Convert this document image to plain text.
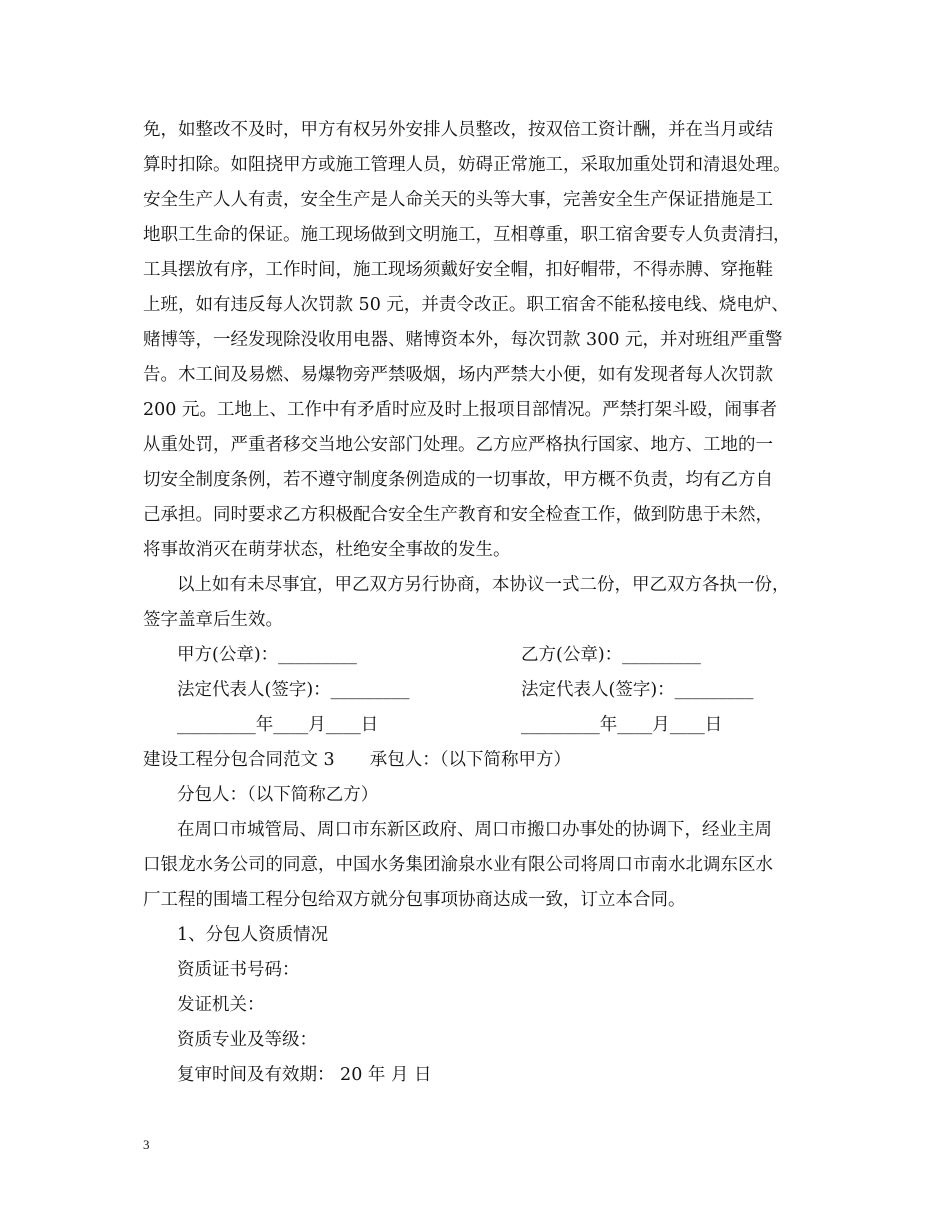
免，如整改不及时，甲方有权另外安排人员整改，按双倍工资计酬，并在当月或结
算时扣除。如阻挠甲方或施工管理人员，妨碍正常施工，采取加重处罚和清退处理。
安全生产人人有责，安全生产是人命关天的头等大事，完善安全生产保证措施是工
地职工生命的保证。施工现场做到文明施工，互相尊重，职工宿舍要专人负责清扫，
工具摆放有序，工作时间，施工现场须戴好安全帽，扣好帽带，不得赤膊、穿拖鞋
上班，如有违反每人次罚款 50 元，并责令改正。职工宿舍不能私接电线、烧电炉、
赌博等，一经发现除没收用电器、赌博资本外，每次罚款 300 元，并对班组严重警
告。木工间及易燃、易爆物旁严禁吸烟，场内严禁大小便，如有发现者每人次罚款
200 元。工地上、工作中有矛盾时应及时上报项目部情况。严禁打架斗殴，闹事者
从重处罚，严重者移交当地公安部门处理。乙方应严格执行国家、地方、工地的一
切安全制度条例，若不遵守制度条例造成的一切事故，甲方概不负责，均有乙方自
己承担。同时要求乙方积极配合安全生产教育和安全检查工作，做到防患于未然，
将事故消灭在萌芽状态，杜绝安全事故的发生。
以上如有未尽事宜，甲乙双方另行协商，本协议一式二份，甲乙双方各执一份，
签字盖章后生效。
甲方(公章)：_________	乙方(公章)：_________
法定代表人(签字)：_________	法定代表人(签字)：_________
_________年____月____日	_________年____月____日
建设工程分包合同范文 3　　承包人：（以下简称甲方）
分包人：（以下简称乙方）
在周口市城管局、周口市东新区政府、周口市搬口办事处的协调下，经业主周
口银龙水务公司的同意，中国水务集团渝泉水业有限公司将周口市南水北调东区水
厂工程的围墙工程分包给双方就分包事项协商达成一致，订立本合同。
1、分包人资质情况
资质证书号码：
发证机关：
资质专业及等级：
复审时间及有效期： 20 年 月 日
3
